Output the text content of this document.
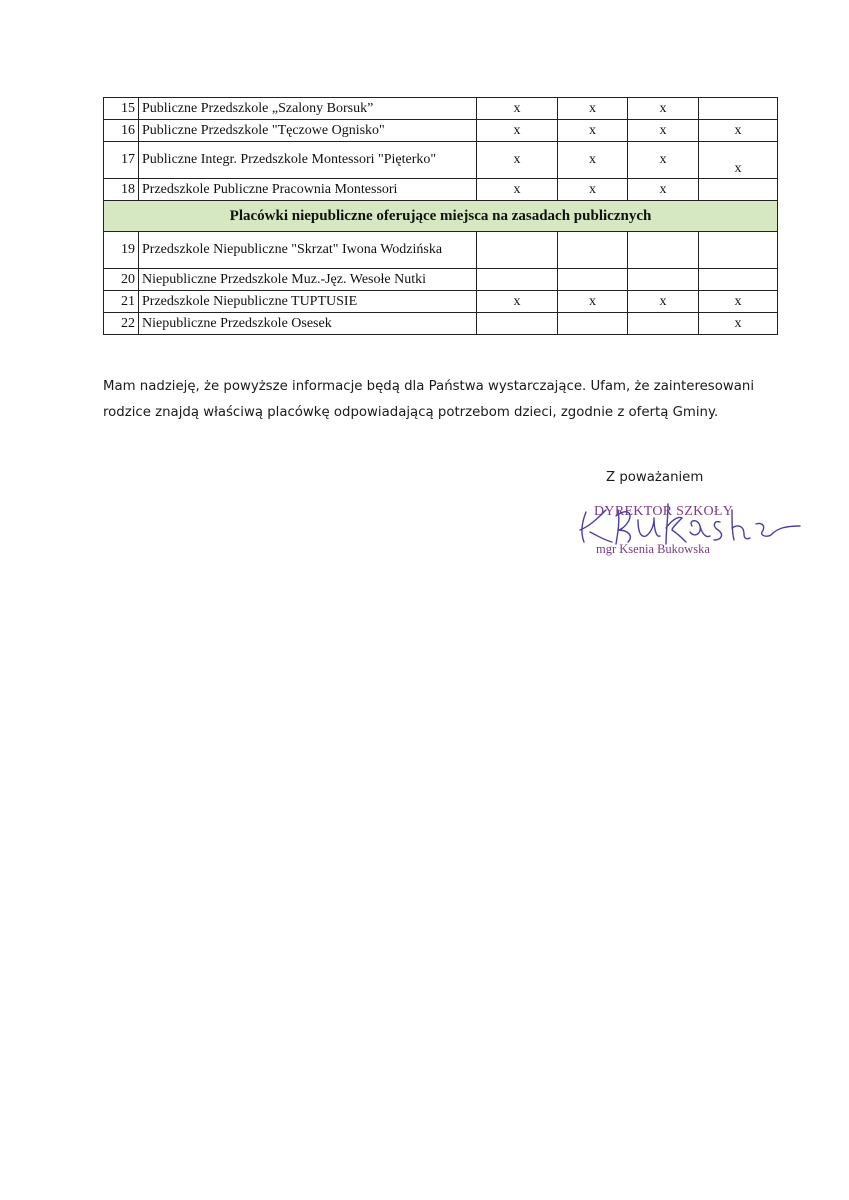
15	Publiczne Przedszkole „Szalony Borsuk”	x	x	x	
16	Publiczne Przedszkole "Tęczowe Ognisko"	x	x	x	x
17	Publiczne Integr. Przedszkole Montessori "Pięterko"	x	x	x	x
18	Przedszkole Publiczne Pracownia Montessori	x	x	x	
Placówki niepubliczne oferujące miejsca na zasadach publicznych					
19	Przedszkole Niepubliczne "Skrzat" Iwona Wodzińska				
20	Niepubliczne Przedszkole Muz.-Jęz. Wesołe Nutki				
21	Przedszkole Niepubliczne TUPTUSIE	x	x	x	x
22	Niepubliczne Przedszkole Osesek				x

Mam nadzieję, że powyższe informacje będą dla Państwa wystarczające. Ufam, że zainteresowani

rodzice znajdą właściwą placówkę odpowiadającą potrzebom dzieci, zgodnie z ofertą Gminy.

Z poważaniem
DYREKTOR SZKOŁY
mgr Ksenia Bukowska
